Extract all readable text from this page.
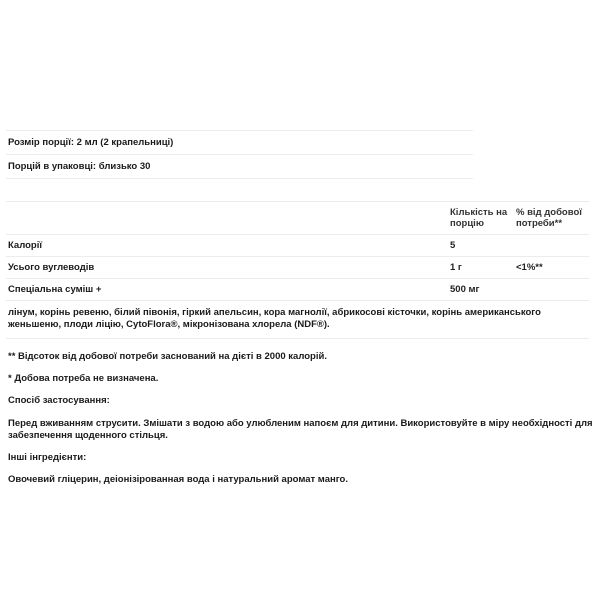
Розмір порції: 2 мл (2 крапельниці)
Порцій в упаковці: близько 30
	Кількість на порцію	% від добової потреби**
Калорії	5	
Усього вуглеводів	1 г	<1%**
Спеціальна суміш +	500 мг	
лінум, корінь ревеню, білий півонія, гіркий апельсин, кора магнолії, абрикосові кісточки, корінь американського женьшеню, плоди ліцію, CytoFlora®, мікронізована хлорела (NDF®).		

** Відсоток від добової потреби заснований на дієті в 2000 калорій.

* Добова потреба не визначена.

Спосіб застосування:

Перед вживанням струсити. Змішати з водою або улюбленим напоєм для дитини. Використовуйте в міру необхідності для забезпечення щоденного стільця.

Інші інгредієнти:

Овочевий гліцерин, деіонізірованная вода і натуральний аромат манго.
